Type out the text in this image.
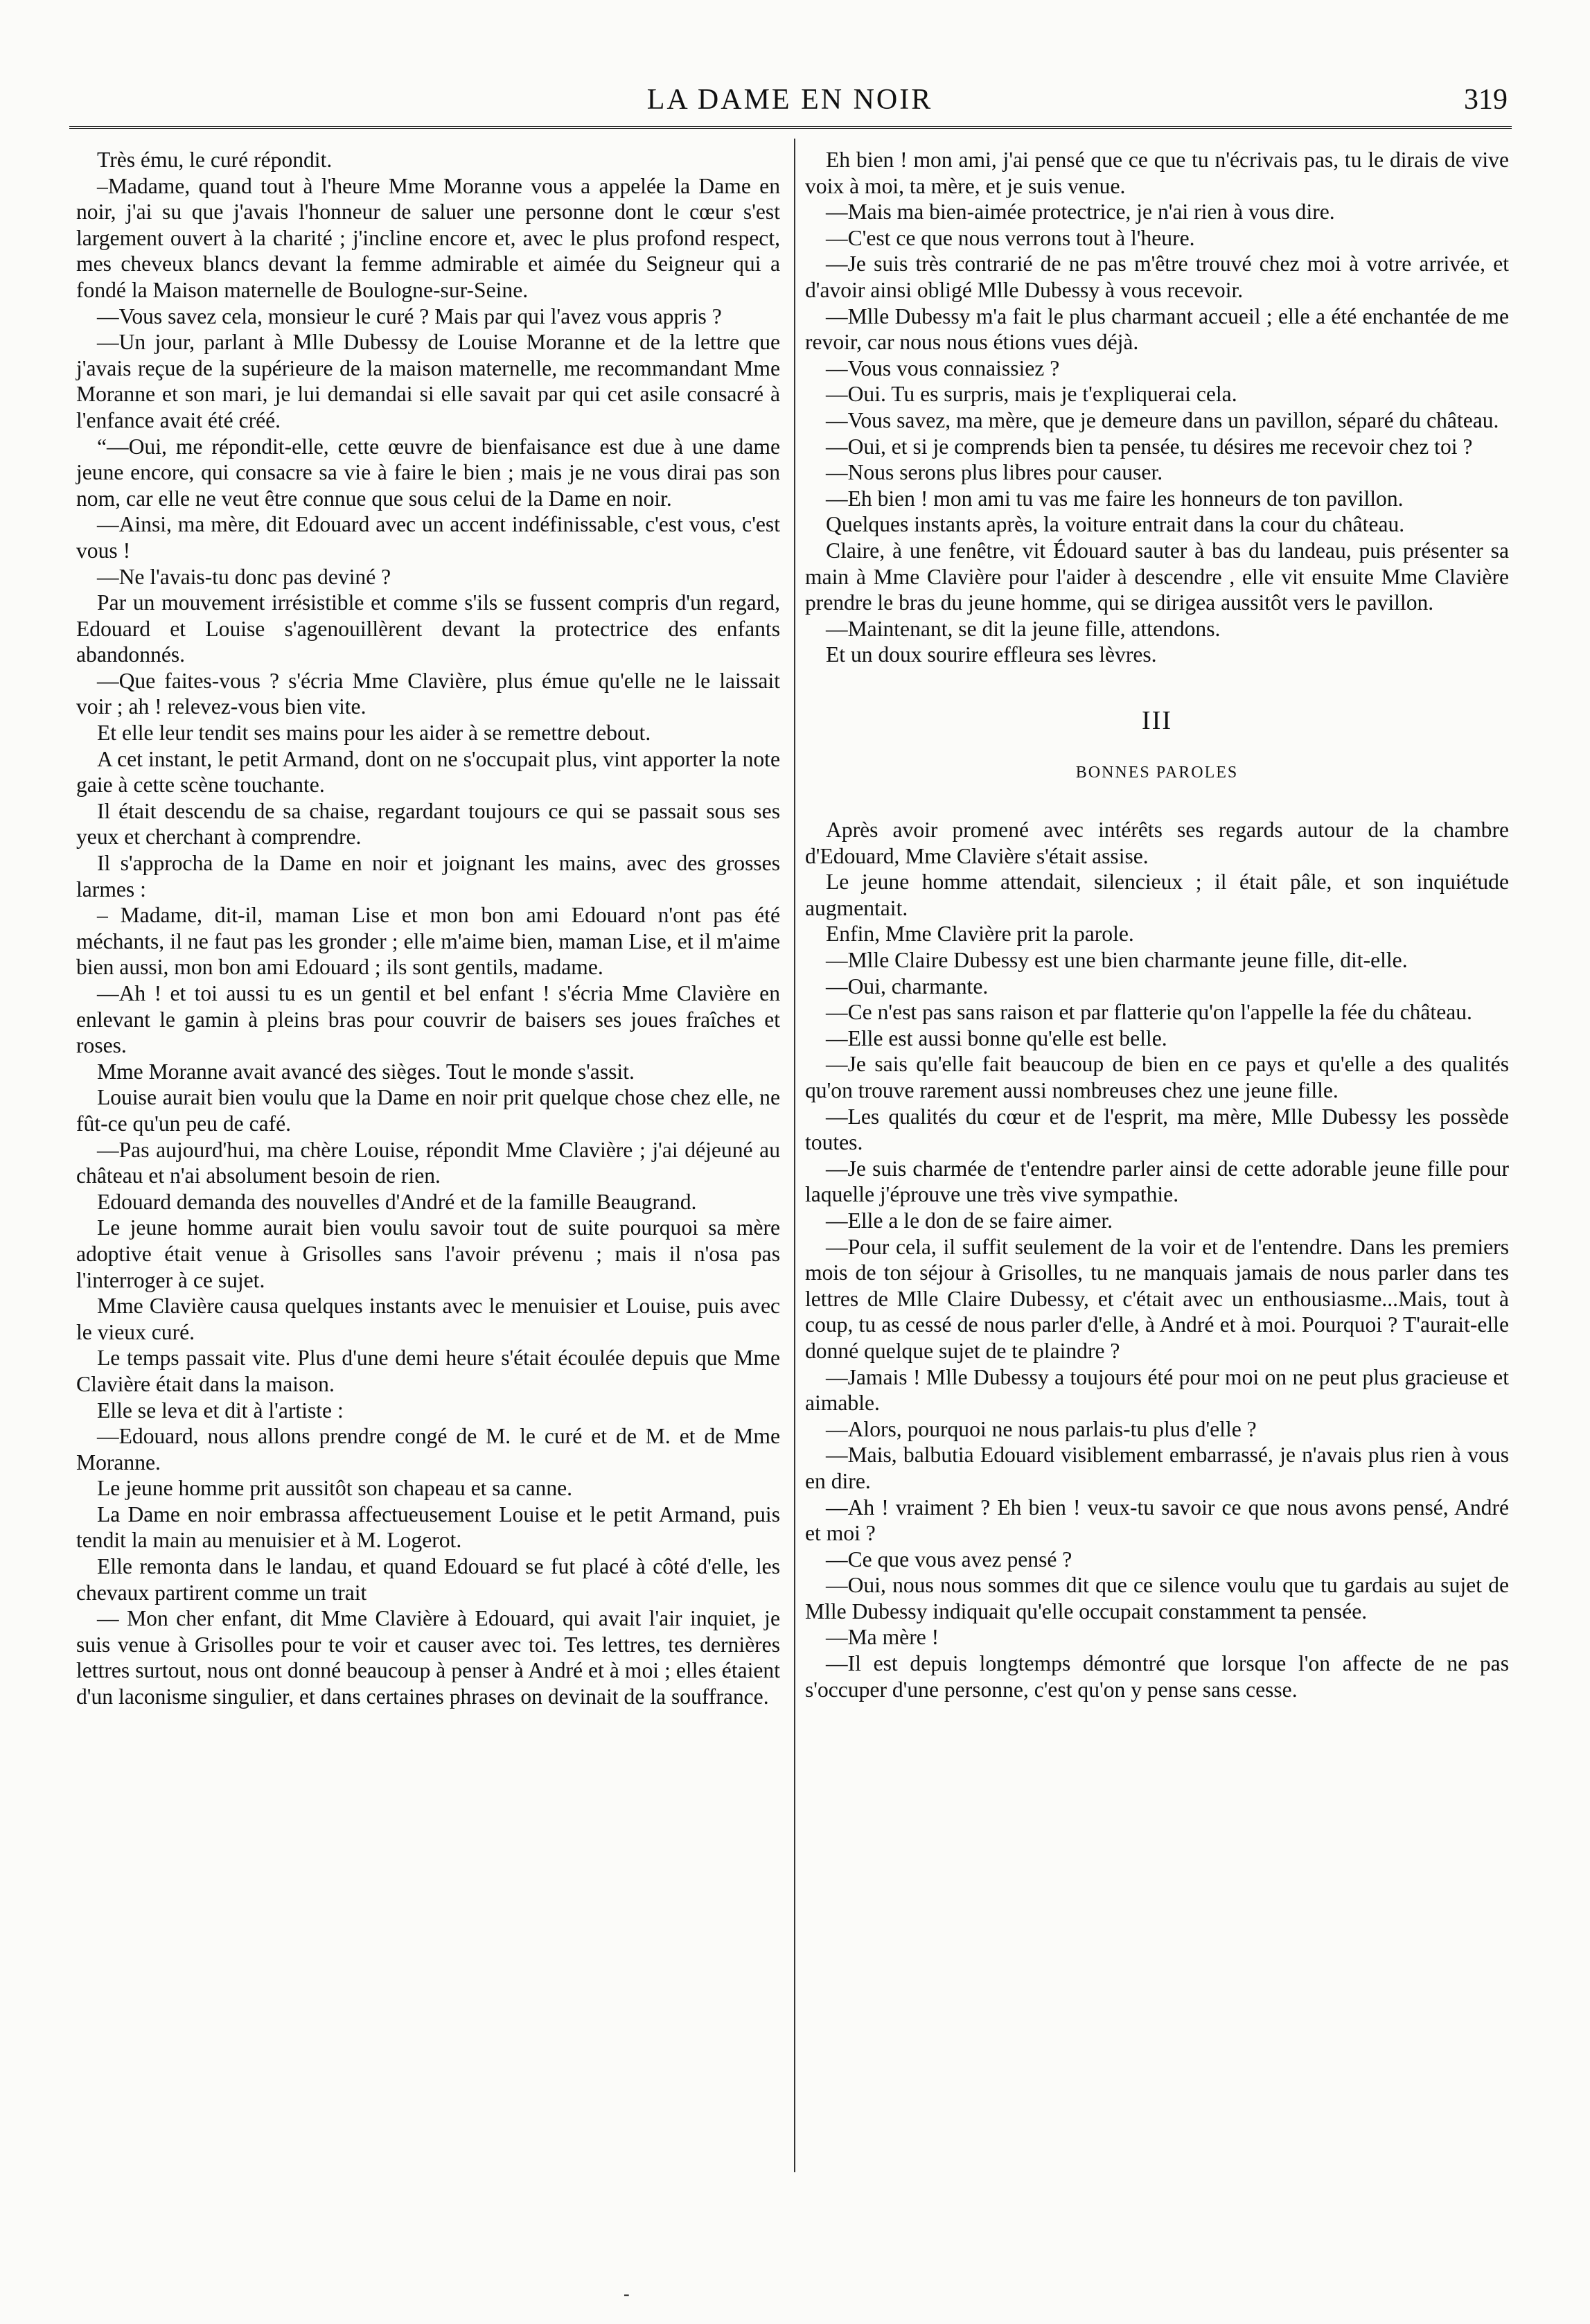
LA DAME EN NOIR	319

Très ému, le curé répondit.

–Madame, quand tout à l'heure Mme Moranne vous a appelée la Dame en noir, j'ai su que j'avais l'honneur de saluer une personne dont le cœur s'est largement ouvert à la charité ; j'incline encore et, avec le plus profond respect, mes cheveux blancs devant la femme admirable et aimée du Seigneur qui a fondé la Maison maternelle de Boulogne-sur-Seine.

—Vous savez cela, monsieur le curé ? Mais par qui l'avez vous appris ?

—Un jour, parlant à Mlle Dubessy de Louise Moranne et de la lettre que j'avais reçue de la supérieure de la maison maternelle, me recommandant Mme Moranne et son mari, je lui demandai si elle savait par qui cet asile consacré à l'enfance avait été créé.

“—Oui, me répondit-elle, cette œuvre de bienfaisance est due à une dame jeune encore, qui consacre sa vie à faire le bien ; mais je ne vous dirai pas son nom, car elle ne veut être connue que sous celui de la Dame en noir.

—Ainsi, ma mère, dit Edouard avec un accent indéfinissable, c'est vous, c'est vous !

—Ne l'avais-tu donc pas deviné ?

Par un mouvement irrésistible et comme s'ils se fussent compris d'un regard, Edouard et Louise s'agenouillèrent devant la protectrice des enfants abandonnés.

—Que faites-vous ? s'écria Mme Clavière, plus émue qu'elle ne le laissait voir ; ah ! relevez-vous bien vite.

Et elle leur tendit ses mains pour les aider à se remettre debout.

A cet instant, le petit Armand, dont on ne s'occupait plus, vint apporter la note gaie à cette scène touchante.

Il était descendu de sa chaise, regardant toujours ce qui se passait sous ses yeux et cherchant à comprendre.

Il s'approcha de la Dame en noir et joignant les mains, avec des grosses larmes :

– Madame, dit-il, maman Lise et mon bon ami Edouard n'ont pas été méchants, il ne faut pas les gronder ; elle m'aime bien, maman Lise, et il m'aime bien aussi, mon bon ami Edouard ; ils sont gentils, madame.

—Ah ! et toi aussi tu es un gentil et bel enfant ! s'écria Mme Clavière en enlevant le gamin à pleins bras pour couvrir de baisers ses joues fraîches et roses.

Mme Moranne avait avancé des sièges. Tout le monde s'assit.

Louise aurait bien voulu que la Dame en noir prit quelque chose chez elle, ne fût-ce qu'un peu de café.

—Pas aujourd'hui, ma chère Louise, répondit Mme Clavière ; j'ai déjeuné au château et n'ai absolument besoin de rien.

Edouard demanda des nouvelles d'André et de la famille Beaugrand.

Le jeune homme aurait bien voulu savoir tout de suite pourquoi sa mère adoptive était venue à Grisolles sans l'avoir prévenu ; mais il n'osa pas l'interroger à ce sujet.

Mme Clavière causa quelques instants avec le menuisier et Louise, puis avec le vieux curé.

Le temps passait vite. Plus d'une demi heure s'était écoulée depuis que Mme Clavière était dans la maison.

Elle se leva et dit à l'artiste :

—Edouard, nous allons prendre congé de M. le curé et de M. et de Mme Moranne.

Le jeune homme prit aussitôt son chapeau et sa canne.

La Dame en noir embrassa affectueusement Louise et le petit Armand, puis tendit la main au menuisier et à M. Logerot.

Elle remonta dans le landau, et quand Edouard se fut placé à côté d'elle, les chevaux partirent comme un trait

— Mon cher enfant, dit Mme Clavière à Edouard, qui avait l'air inquiet, je suis venue à Grisolles pour te voir et causer avec toi. Tes lettres, tes dernières lettres surtout, nous ont donné beaucoup à penser à André et à moi ; elles étaient d'un laconisme singulier, et dans certaines phrases on devinait de la souffrance.

Eh bien ! mon ami, j'ai pensé que ce que tu n'écrivais pas, tu le dirais de vive voix à moi, ta mère, et je suis venue.

—Mais ma bien-aimée protectrice, je n'ai rien à vous dire.

—C'est ce que nous verrons tout à l'heure.

—Je suis très contrarié de ne pas m'être trouvé chez moi à votre arrivée, et d'avoir ainsi obligé Mlle Dubessy à vous recevoir.

—Mlle Dubessy m'a fait le plus charmant accueil ; elle a été enchantée de me revoir, car nous nous étions vues déjà.

—Vous vous connaissiez ?

—Oui. Tu es surpris, mais je t'expliquerai cela.

—Vous savez, ma mère, que je demeure dans un pavillon, séparé du château.

—Oui, et si je comprends bien ta pensée, tu désires me recevoir chez toi ?

—Nous serons plus libres pour causer.

—Eh bien ! mon ami tu vas me faire les honneurs de ton pavillon.

Quelques instants après, la voiture entrait dans la cour du château.

Claire, à une fenêtre, vit Édouard sauter à bas du landeau, puis présenter sa main à Mme Clavière pour l'aider à descendre , elle vit ensuite Mme Clavière prendre le bras du jeune homme, qui se dirigea aussitôt vers le pavillon.

—Maintenant, se dit la jeune fille, attendons.

Et un doux sourire effleura ses lèvres.

III
BONNES PAROLES

Après avoir promené avec intérêts ses regards autour de la chambre d'Edouard, Mme Clavière s'était assise.

Le jeune homme attendait, silencieux ; il était pâle, et son inquiétude augmentait.

Enfin, Mme Clavière prit la parole.

—Mlle Claire Dubessy est une bien charmante jeune fille, dit-elle.

—Oui, charmante.

—Ce n'est pas sans raison et par flatterie qu'on l'appelle la fée du château.

—Elle est aussi bonne qu'elle est belle.

—Je sais qu'elle fait beaucoup de bien en ce pays et qu'elle a des qualités qu'on trouve rarement aussi nombreuses chez une jeune fille.

—Les qualités du cœur et de l'esprit, ma mère, Mlle Dubessy les possède toutes.

—Je suis charmée de t'entendre parler ainsi de cette adorable jeune fille pour laquelle j'éprouve une très vive sympathie.

—Elle a le don de se faire aimer.

—Pour cela, il suffit seulement de la voir et de l'entendre. Dans les premiers mois de ton séjour à Grisolles, tu ne manquais jamais de nous parler dans tes lettres de Mlle Claire Dubessy, et c'était avec un enthousiasme...Mais, tout à coup, tu as cessé de nous parler d'elle, à André et à moi. Pourquoi ? T'aurait-elle donné quelque sujet de te plaindre ?

—Jamais ! Mlle Dubessy a toujours été pour moi on ne peut plus gracieuse et aimable.

—Alors, pourquoi ne nous parlais-tu plus d'elle ?

—Mais, balbutia Edouard visiblement embarrassé, je n'avais plus rien à vous en dire.

—Ah ! vraiment ? Eh bien ! veux-tu savoir ce que nous avons pensé, André et moi ?

—Ce que vous avez pensé ?

—Oui, nous nous sommes dit que ce silence voulu que tu gardais au sujet de Mlle Dubessy indiquait qu'elle occupait constamment ta pensée.

—Ma mère !

—Il est depuis longtemps démontré que lorsque l'on affecte de ne pas s'occuper d'une personne, c'est qu'on y pense sans cesse.

-
